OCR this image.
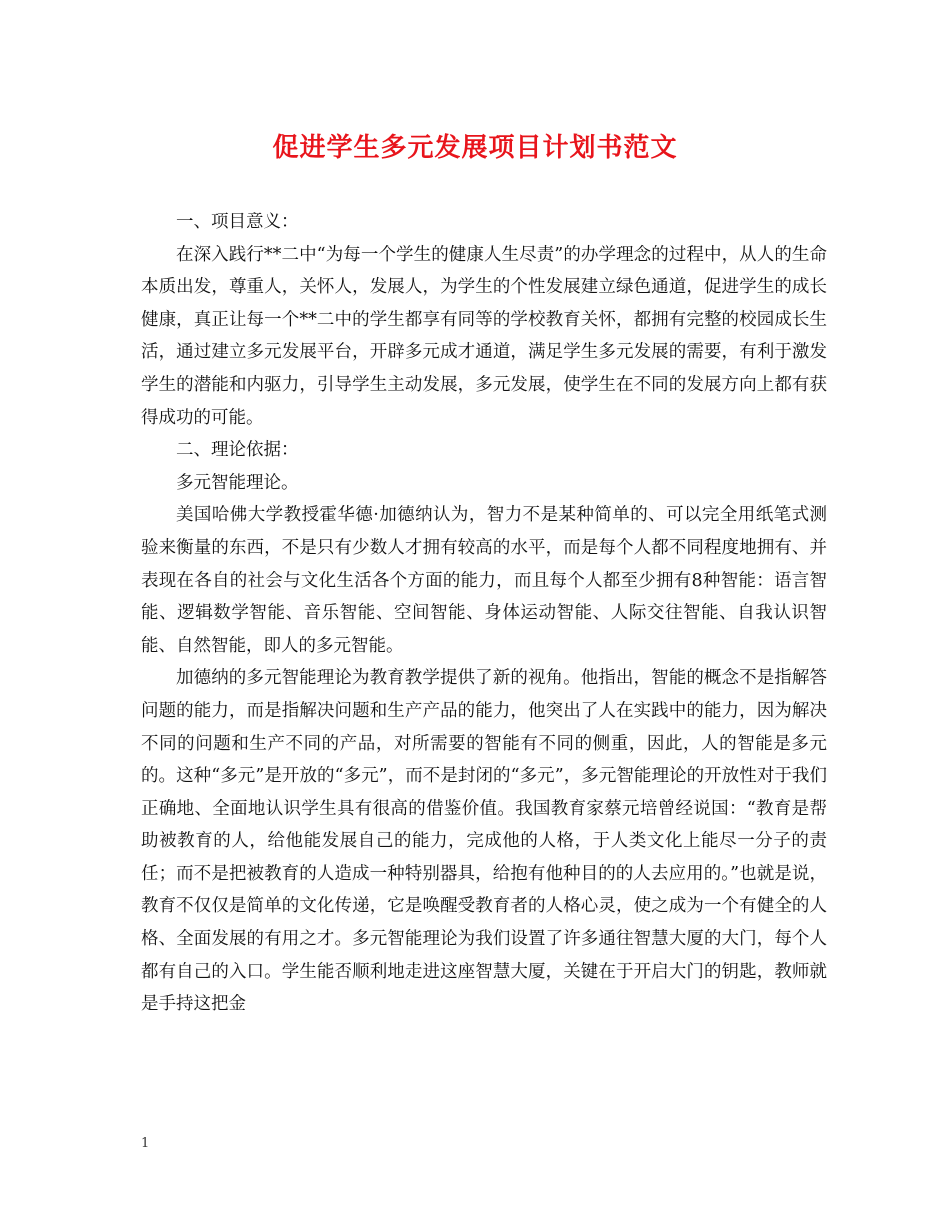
促进学生多元发展项目计划书范文

一、项目意义：

在深入践行**二中“为每一个学生的健康人生尽责”的办学理念的过程中，从人的生命本质出发，尊重人，关怀人，发展人，为学生的个性发展建立绿色通道，促进学生的成长健康，真正让每一个**二中的学生都享有同等的学校教育关怀，都拥有完整的校园成长生活，通过建立多元发展平台，开辟多元成才通道，满足学生多元发展的需要，有利于激发学生的潜能和内驱力，引导学生主动发展，多元发展，使学生在不同的发展方向上都有获得成功的可能。

二、理论依据：

多元智能理论。

美国哈佛大学教授霍华德·加德纳认为，智力不是某种简单的、可以完全用纸笔式测验来衡量的东西，不是只有少数人才拥有较高的水平，而是每个人都不同程度地拥有、并表现在各自的社会与文化生活各个方面的能力，而且每个人都至少拥有8种智能：语言智能、逻辑数学智能、音乐智能、空间智能、身体运动智能、人际交往智能、自我认识智能、自然智能，即人的多元智能。

加德纳的多元智能理论为教育教学提供了新的视角。他指出，智能的概念不是指解答问题的能力，而是指解决问题和生产产品的能力，他突出了人在实践中的能力，因为解决不同的问题和生产不同的产品，对所需要的智能有不同的侧重，因此，人的智能是多元的。这种“多元”是开放的“多元”，而不是封闭的“多元”，多元智能理论的开放性对于我们正确地、全面地认识学生具有很高的借鉴价值。我国教育家蔡元培曾经说国：“教育是帮助被教育的人，给他能发展自己的能力，完成他的人格，于人类文化上能尽一分子的责任；而不是把被教育的人造成一种特别器具，给抱有他种目的的人去应用的。”也就是说，教育不仅仅是简单的文化传递，它是唤醒受教育者的人格心灵，使之成为一个有健全的人格、全面发展的有用之才。多元智能理论为我们设置了许多通往智慧大厦的大门，每个人都有自己的入口。学生能否顺利地走进这座智慧大厦，关键在于开启大门的钥匙，教师就是手持这把金

1
